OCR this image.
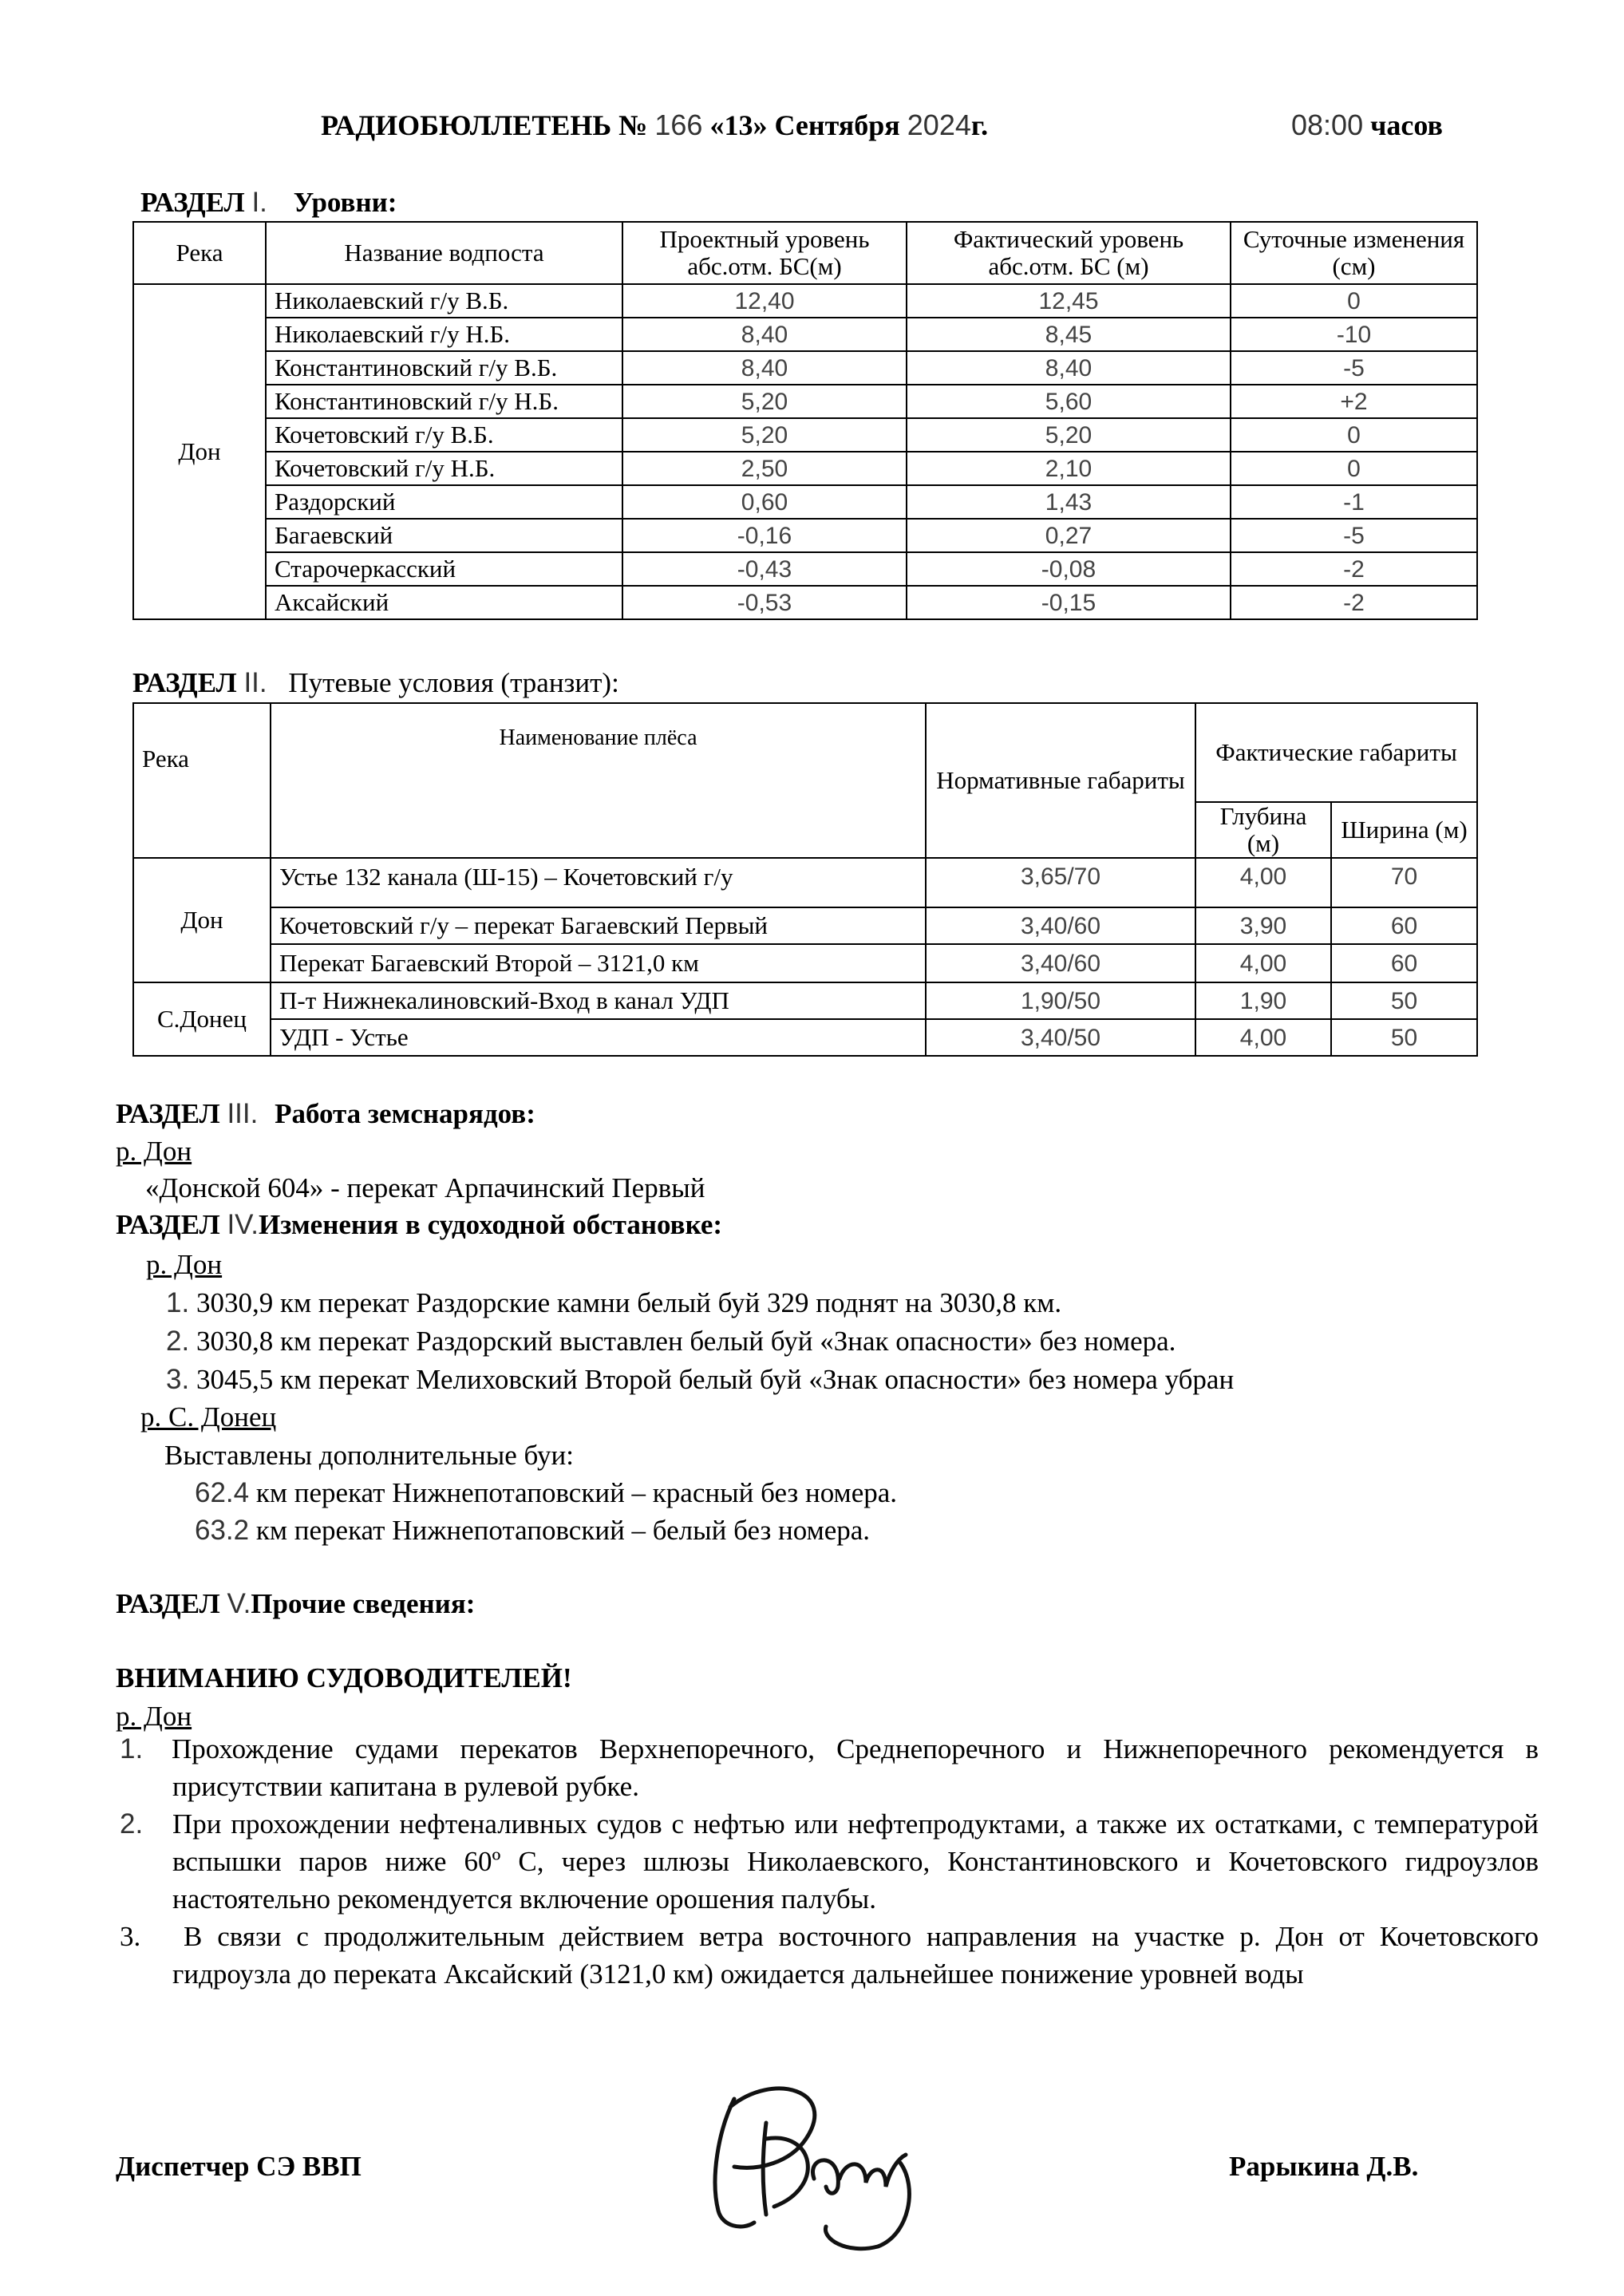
РАДИОБЮЛЛЕТЕНЬ № 166 «13» Сентября 2024г.	08:00 часов
РАЗДЕЛ I. Уровни:
Река	Название водпоста	Проектный уровень абс.отм. БС(м)	Фактический уровень абс.отм. БС (м)	Суточные изменения (см)
Дон	Николаевский г/у В.Б.	12,40	12,45	0
	Николаевский г/у Н.Б.	8,40	8,45	-10
	Константиновский г/у В.Б.	8,40	8,40	-5
	Константиновский г/у Н.Б.	5,20	5,60	+2
	Кочетовский г/у В.Б.	5,20	5,20	0
	Кочетовский г/у Н.Б.	2,50	2,10	0
	Раздорский	0,60	1,43	-1
	Багаевский	-0,16	0,27	-5
	Старочеркасский	-0,43	-0,08	-2
	Аксайский	-0,53	-0,15	-2
РАЗДЕЛ II. Путевые условия (транзит):
Река	Наименование плёса	Нормативные габариты	Фактические габариты	
			Глубина (м)	Ширина (м)
Дон	Устье 132 канала (Ш-15) – Кочетовский г/у	3,65/70	4,00	70
	Кочетовский г/у – перекат Багаевский Первый	3,40/60	3,90	60
	Перекат Багаевский Второй – 3121,0 км	3,40/60	4,00	60
С.Донец	П-т Нижнекалиновский-Вход в канал УДП	1,90/50	1,90	50
	УДП - Устье	3,40/50	4,00	50
РАЗДЕЛ III. Работа земснарядов:
р. Дон
«Донской 604» - перекат Арпачинский Первый
РАЗДЕЛ IV.Изменения в судоходной обстановке:
р. Дон
1. 3030,9 км перекат Раздорские камни белый буй 329 поднят на 3030,8 км.
2. 3030,8 км перекат Раздорский выставлен белый буй «Знак опасности» без номера.
3. 3045,5 км перекат Мелиховский Второй белый буй «Знак опасности» без номера убран
р. С. Донец
Выставлены дополнительные буи:
62.4 км перекат Нижнепотаповский – красный без номера.
63.2 км перекат Нижнепотаповский – белый без номера.
РАЗДЕЛ V.Прочие сведения:
ВНИМАНИЮ СУДОВОДИТЕЛЕЙ!
р. Дон
1.	Прохождение судами перекатов Верхнепоречного, Среднепоречного и Нижнепоречного рекомендуется в присутствии капитана в рулевой рубке.
2.	При прохождении нефтеналивных судов с нефтью или нефтепродуктами, а также их остатками, с температурой вспышки паров ниже 60º С, через шлюзы Николаевского, Константиновского и Кочетовского гидроузлов настоятельно рекомендуется включение орошения палубы.
3.	В связи с продолжительным действием ветра восточного направления на участке р. Дон от Кочетовского гидроузла до переката Аксайский (3121,0 км) ожидается дальнейшее понижение уровней воды
Диспетчер СЭ ВВП	Рарыкина Д.В.
